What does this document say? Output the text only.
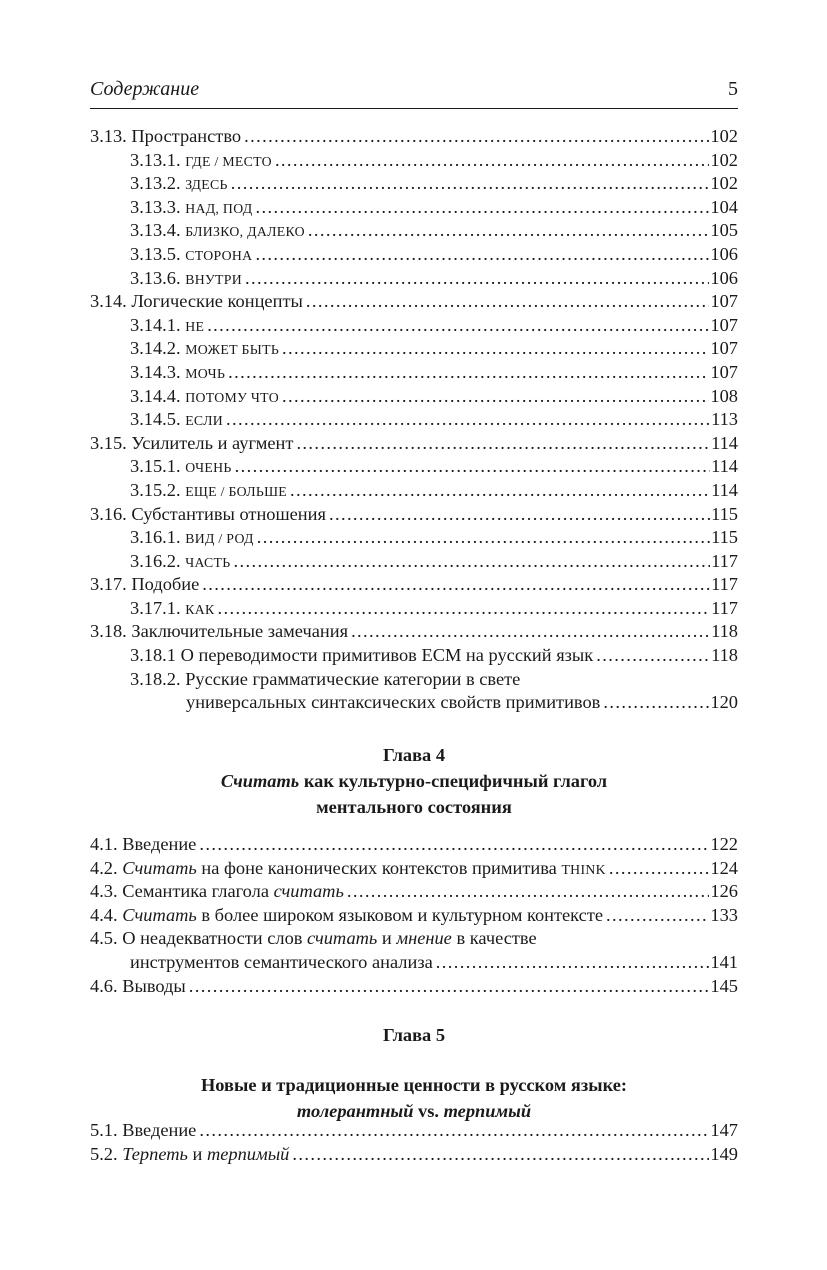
Содержание	5
3.13. Пространство . . .	102
3.13.1. ГДЕ / МЕСТО . . .	102
3.13.2. ЗДЕСЬ . . .	102
3.13.3. НАД, ПОД . . .	104
3.13.4. БЛИЗКО, ДАЛЕКО . . .	105
3.13.5. СТОРОНА . . .	106
3.13.6. ВНУТРИ . . .	106
3.14. Логические концепты . . .	107
3.14.1. НЕ . . .	107
3.14.2. МОЖЕТ БЫТЬ . . .	107
3.14.3. МОЧЬ . . .	107
3.14.4. ПОТОМУ ЧТО . . .	108
3.14.5. ЕСЛИ . . .	113
3.15. Усилитель и аугмент . . .	114
3.15.1. ОЧЕНЬ . . .	114
3.15.2. ЕЩЕ / БОЛЬШЕ . . .	114
3.16. Субстантивы отношения . . .	115
3.16.1. ВИД / РОД . . .	115
3.16.2. ЧАСТЬ . . .	117
3.17. Подобие . . .	117
3.17.1. КАК . . .	117
3.18. Заключительные замечания . . .	118
3.18.1 О переводимости примитивов ЕСМ на русский язык . . .	118
3.18.2. Русские грамматические категории в свете
универсальных синтаксических свойств примитивов . . .	120
Глава 4
Считать как культурно-специфичный глагол
ментального состояния
4.1. Введение . . .	122
4.2. Считать на фоне канонических контекстов примитива THINK . . .	124
4.3. Семантика глагола считать . . .	126
4.4. Считать в более широком языковом и культурном контексте . . .	133
4.5. О неадекватности слов считать и мнение в качестве
инструментов семантического анализа . . .	141
4.6. Выводы . . .	145
Глава 5
Новые и традиционные ценности в русском языке:
толерантный vs. терпимый
5.1. Введение . . .	147
5.2. Терпеть и терпимый . . .	149
